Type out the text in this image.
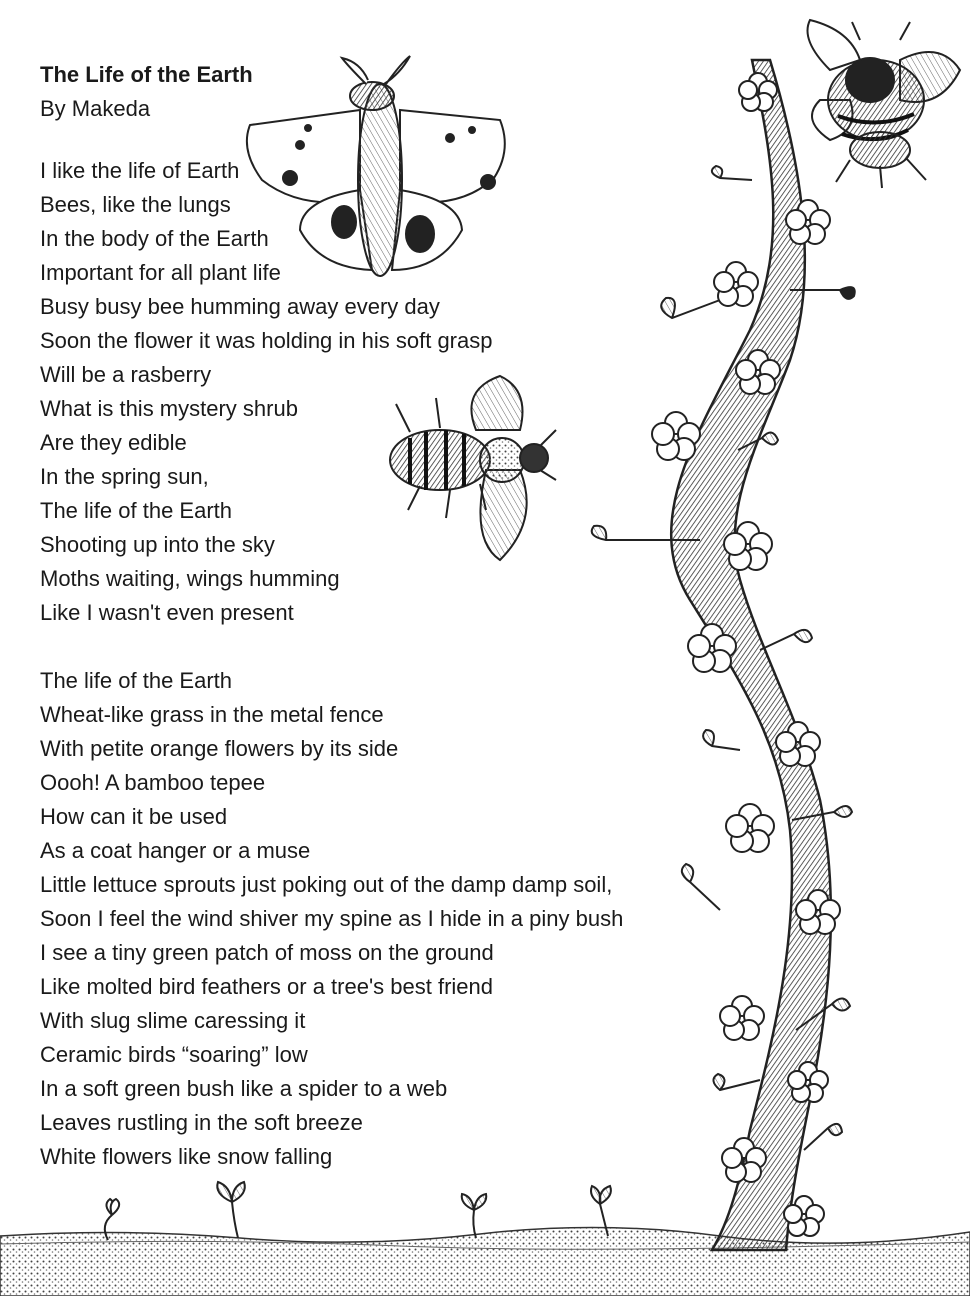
The Life of the Earth

By Makeda

I like the life of Earth
Bees, like the lungs
In the body of the Earth
Important for all plant life
Busy busy bee humming away every day
Soon the flower it was holding in his soft grasp
Will be a rasberry
What is this mystery shrub
Are they edible
In the spring sun,
The life of the Earth
Shooting up into the sky
Moths waiting, wings humming
Like I wasn't even present
The life of the Earth
Wheat-like grass in the metal fence
With petite orange flowers by its side
Oooh! A bamboo tepee
How can it be used
As a coat hanger or a muse
Little lettuce sprouts just poking out of the damp damp soil,
Soon I feel the wind shiver my spine as I hide in a piny bush
I see a tiny green patch of moss on the ground
Like molted bird feathers or a tree's best friend
With slug slime caressing it
Ceramic birds “soaring” low
In a soft green bush like a spider to a web
Leaves rustling in the soft breeze
White flowers like snow falling
